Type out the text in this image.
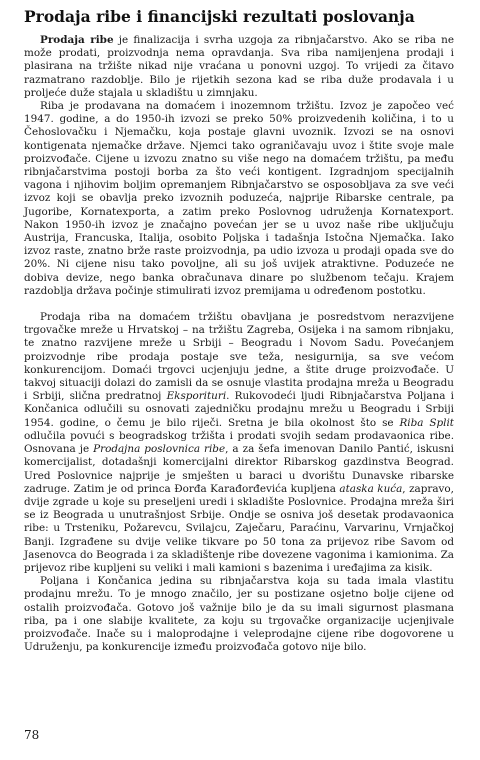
Prodaja ribe i financijski rezultati poslovanja

Prodaja ribe je finalizacija i svrha uzgoja za ribnjačarstvo. Ako se riba ne može prodati, proizvodnja nema opravdanja. Sva riba namijenjena prodaji i plasirana na tržište nikad nije vraćana u ponovni uzgoj. To vrijedi za čitavo razmatrano razdoblje. Bilo je rijetkih sezona kad se riba duže prodavala i u proljeće duže stajala u skladištu u zimnjaku.

Riba je prodavana na domaćem i inozemnom tržištu. Izvoz je započeo već 1947. godine, a do 1950-ih izvozi se preko 50% proizvedenih količina, i to u Čehoslovačku i Njemačku, koja postaje glavni uvoznik. Izvozi se na osnovi kontigenata njemačke države. Njemci tako ograničavaju uvoz i štite svoje male proizvođače. Cijene u izvozu znatno su više nego na domaćem tržištu, pa među ribnjačarstvima postoji borba za što veći kontigent. Izgradnjom specijalnih vagona i njihovim boljim opremanjem Ribnjačarstvo se osposobljava za sve veći izvoz koji se obavlja preko izvoznih poduzeća, najprije Ribarske centrale, pa Jugoribe, Kornatexporta, a zatim preko Poslovnog udruženja Kornatexport. Nakon 1950-ih izvoz je značajno povećan jer se u uvoz naše ribe uključuju Austrija, Francuska, Italija, osobito Poljska i tadašnja Istočna Njemačka. Iako izvoz raste, znatno brže raste proizvodnja, pa udio izvoza u prodaji opada sve do 20%. Ni cijene nisu tako povoljne, ali su još uvijek atraktivne. Poduzeće ne dobiva devize, nego banka obračunava dinare po službenom tečaju. Krajem razdoblja država počinje stimulirati izvoz premijama u određenom postotku.

Prodaja riba na domaćem tržištu obavljana je posredstvom nerazvijene trgovačke mreže u Hrvatskoj – na tržištu Zagreba, Osijeka i na samom ribnjaku, te znatno razvijene mreže u Srbiji – Beogradu i Novom Sadu. Povećanjem proizvodnje ribe prodaja postaje sve teža, nesigurnija, sa sve većom konkurencijom. Domaći trgovci ucjenjuju jedne, a štite druge proizvođače. U takvoj situaciji dolazi do zamisli da se osnuje vlastita prodajna mreža u Beogradu i Srbiji, slična predratnoj Eksporituri. Rukovodeći ljudi Ribnjačarstva Poljana i Končanica odlučili su osnovati zajedničku prodajnu mrežu u Beogradu i Srbiji 1954. godine, o čemu je bilo riječi. Sretna je bila okolnost što se Riba Split odlučila povući s beogradskog tržišta i prodati svojih sedam prodavaonica ribe. Osnovana je Prodajna poslovnica ribe, a za šefa imenovan Danilo Pantić, iskusni komercijalist, dotadašnji komercijalni direktor Ribarskog gazdinstva Beograd. Ured Poslovnice najprije je smješten u baraci u dvorištu Dunavske ribarske zadruge. Zatim je od princa Đorđa Karađorđevića kupljena ataska kuća, zapravo, dvije zgrade u koje su preseljeni uredi i skladište Poslovnice. Prodajna mreža širi se iz Beograda u unutrašnjost Srbije. Ondje se osniva još desetak prodavaonica ribe: u Trsteniku, Požarevcu, Svilajcu, Zaječaru, Paraćinu, Varvarinu, Vrnjačkoj Banji. Izgrađene su dvije velike tikvare po 50 tona za prijevoz ribe Savom od Jasenovca do Beograda i za skladištenje ribe dovezene vagonima i kamionima. Za prijevoz ribe kupljeni su veliki i mali kamioni s bazenima i uređajima za kisik.

Poljana i Končanica jedina su ribnjačarstva koja su tada imala vlastitu prodajnu mrežu. To je mnogo značilo, jer su postizane osjetno bolje cijene od ostalih proizvođača. Gotovo još važnije bilo je da su imali sigurnost plasmana riba, pa i one slabije kvalitete, za koju su trgovačke organizacije ucjenjivale proizvođače. Inače su i maloprodajne i veleprodajne cijene ribe dogovorene u Udruženju, pa konkurencije između proizvođača gotovo nije bilo.

78
